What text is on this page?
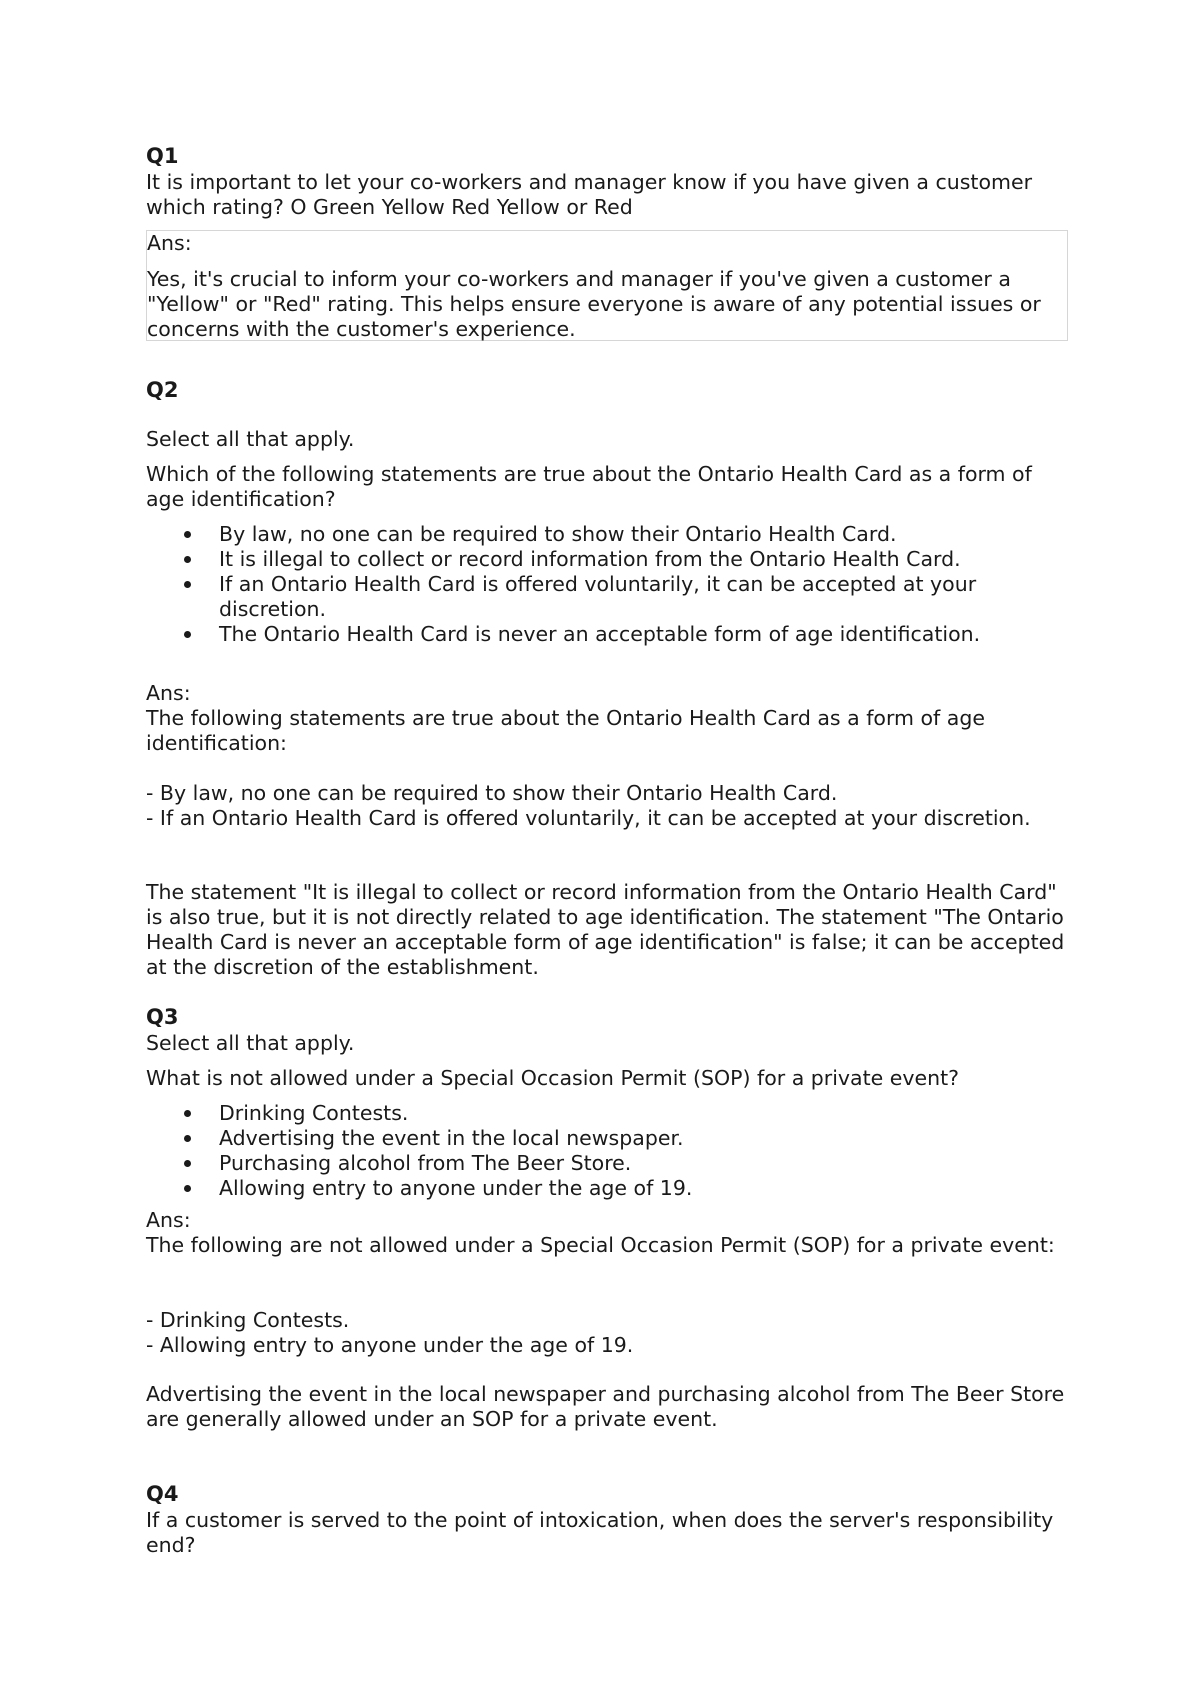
Q1

It is important to let your co-workers and manager know if you have given a customer which rating? O Green Yellow Red Yellow or Red

Ans:

Yes, it's crucial to inform your co-workers and manager if you've given a customer a "Yellow" or "Red" rating. This helps ensure everyone is aware of any potential issues or concerns with the customer's experience.

Q2

Select all that apply.

Which of the following statements are true about the Ontario Health Card as a form of age identification?

By law, no one can be required to show their Ontario Health Card.
It is illegal to collect or record information from the Ontario Health Card.
If an Ontario Health Card is offered voluntarily, it can be accepted at your discretion.
The Ontario Health Card is never an acceptable form of age identification.

Ans:

The following statements are true about the Ontario Health Card as a form of age identification:

- By law, no one can be required to show their Ontario Health Card.

- If an Ontario Health Card is offered voluntarily, it can be accepted at your discretion.

The statement "It is illegal to collect or record information from the Ontario Health Card" is also true, but it is not directly related to age identification. The statement "The Ontario Health Card is never an acceptable form of age identification" is false; it can be accepted at the discretion of the establishment.

Q3

Select all that apply.

What is not allowed under a Special Occasion Permit (SOP) for a private event?

Drinking Contests.
Advertising the event in the local newspaper.
Purchasing alcohol from The Beer Store.
Allowing entry to anyone under the age of 19.

Ans:

The following are not allowed under a Special Occasion Permit (SOP) for a private event:

- Drinking Contests.

- Allowing entry to anyone under the age of 19.

Advertising the event in the local newspaper and purchasing alcohol from The Beer Store are generally allowed under an SOP for a private event.

Q4

If a customer is served to the point of intoxication, when does the server's responsibility end?
